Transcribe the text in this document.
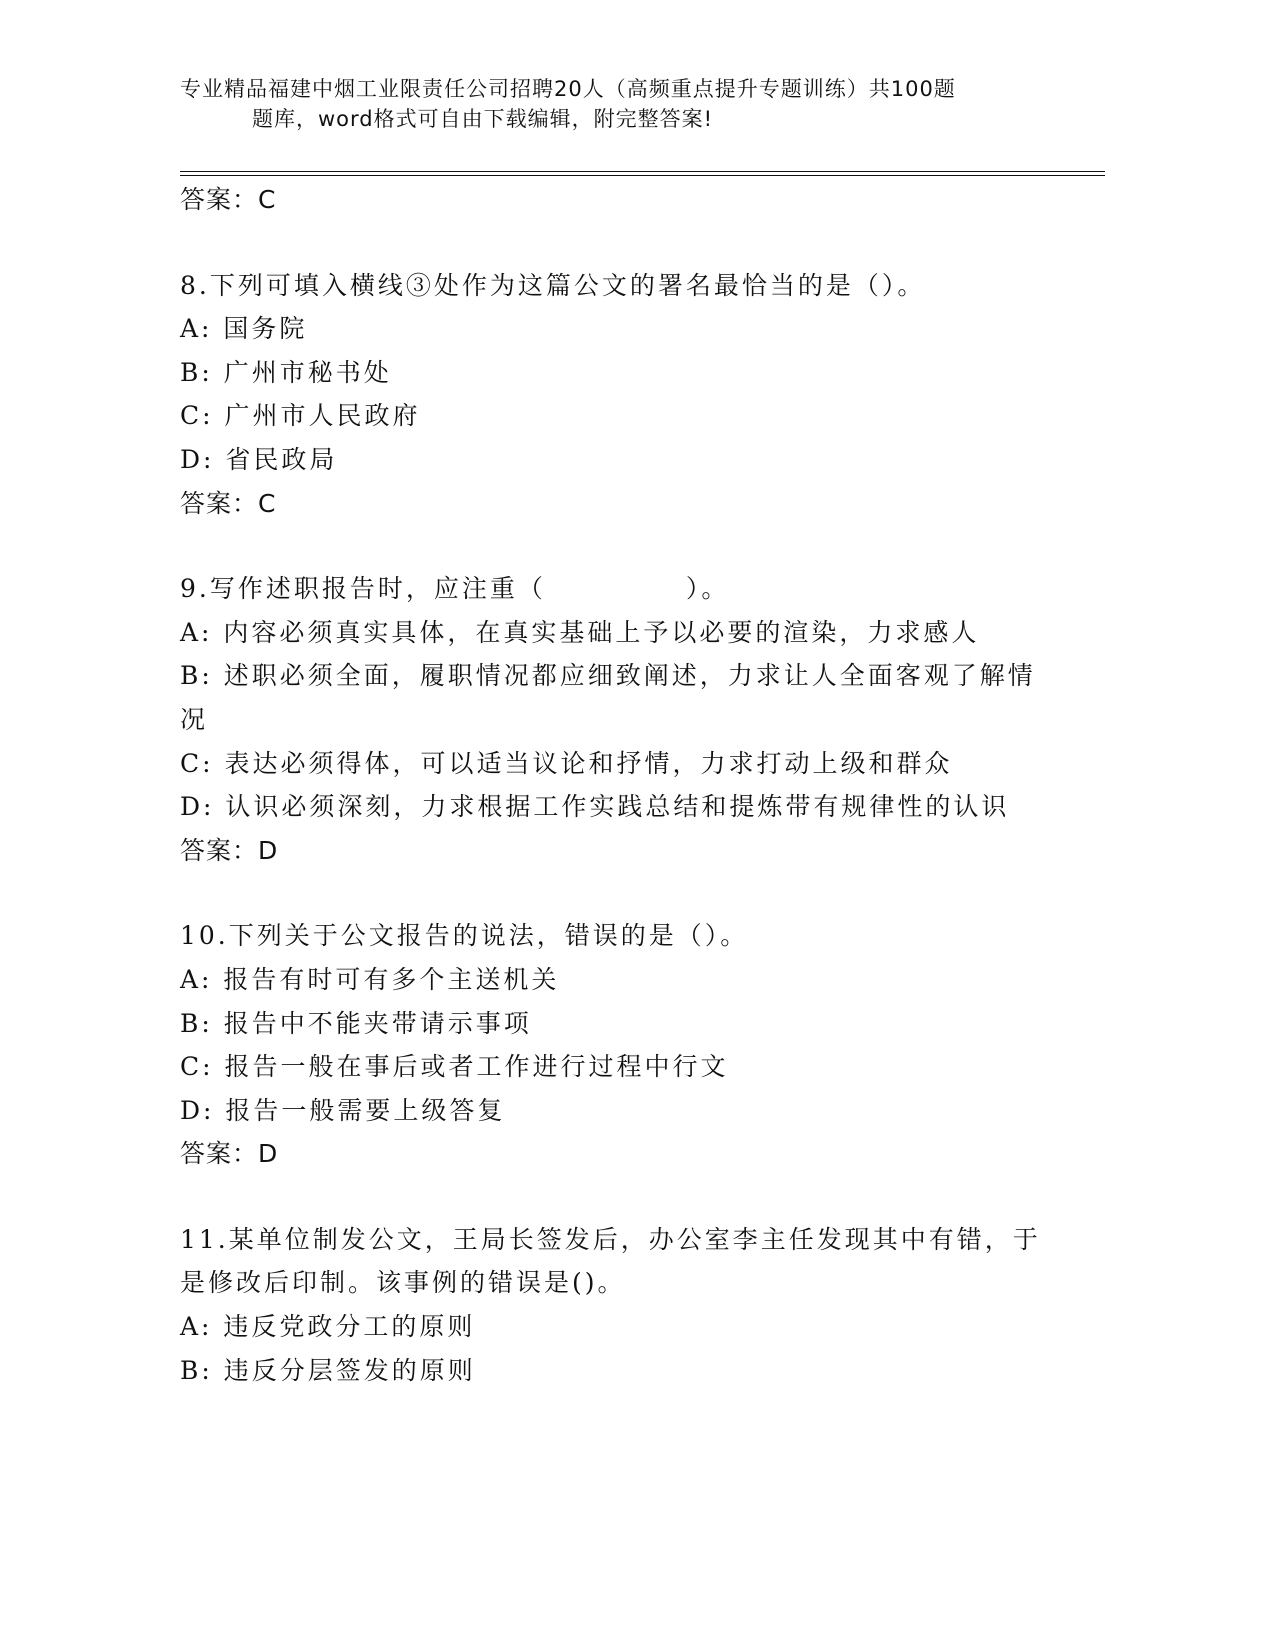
专业精品福建中烟工业限责任公司招聘20人（高频重点提升专题训练）共100题
题库，word格式可自由下载编辑，附完整答案!
答案：C
8.下列可填入横线③处作为这篇公文的署名最恰当的是（）。
A: 国务院
B: 广州市秘书处
C: 广州市人民政府
D: 省民政局
答案：C
9.写作述职报告时，应注重（　　　　　）。
A: 内容必须真实具体，在真实基础上予以必要的渲染，力求感人
B: 述职必须全面，履职情况都应细致阐述，力求让人全面客观了解情
况
C: 表达必须得体，可以适当议论和抒情，力求打动上级和群众
D: 认识必须深刻，力求根据工作实践总结和提炼带有规律性的认识
答案：D
10.下列关于公文报告的说法，错误的是（）。
A: 报告有时可有多个主送机关
B: 报告中不能夹带请示事项
C: 报告一般在事后或者工作进行过程中行文
D: 报告一般需要上级答复
答案：D
11.某单位制发公文，王局长签发后，办公室李主任发现其中有错，于
是修改后印制。该事例的错误是()。
A: 违反党政分工的原则
B: 违反分层签发的原则
